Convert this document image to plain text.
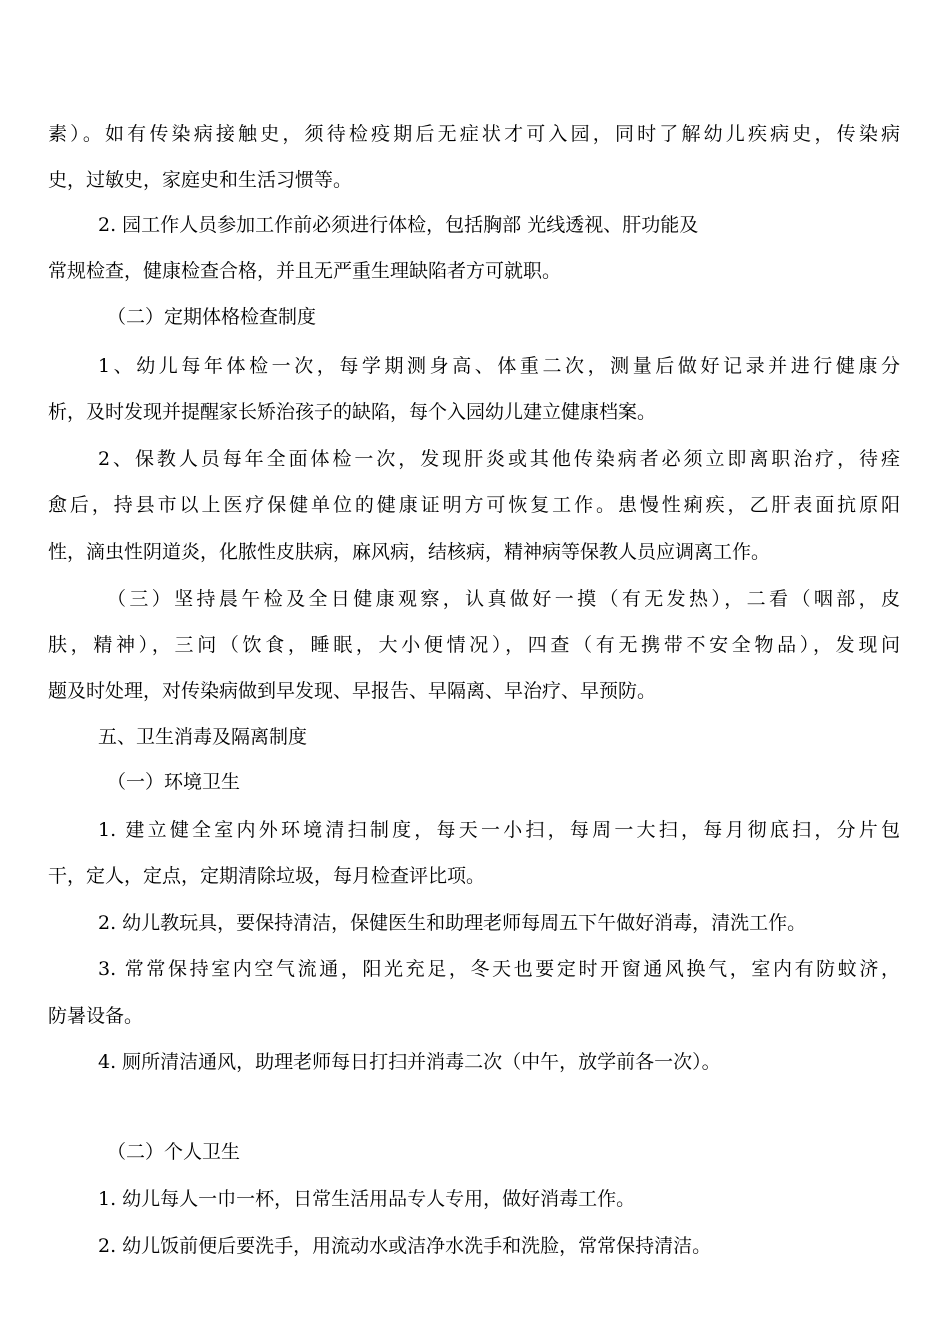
素）。如有传染病接触史，须待检疫期后无症状才可入园，同时了解幼儿疾病史，传染病
史，过敏史，家庭史和生活习惯等。
2. 园工作人员参加工作前必须进行体检，包括胸部 光线透视、肝功能及
常规检查，健康检查合格，并且无严重生理缺陷者方可就职。
（二）定期体格检查制度
1、幼儿每年体检一次，每学期测身高、体重二次，测量后做好记录并进行健康分
析，及时发现并提醒家长矫治孩子的缺陷，每个入园幼儿建立健康档案。
2、保教人员每年全面体检一次，发现肝炎或其他传染病者必须立即离职治疗，待痊
愈后，持县市以上医疗保健单位的健康证明方可恢复工作。患慢性痢疾，乙肝表面抗原阳
性，滴虫性阴道炎，化脓性皮肤病，麻风病，结核病，精神病等保教人员应调离工作。
（三）坚持晨午检及全日健康观察，认真做好一摸（有无发热），二看（咽部，皮
肤，精神），三问（饮食，睡眠，大小便情况），四查（有无携带不安全物品），发现问
题及时处理，对传染病做到早发现、早报告、早隔离、早治疗、早预防。
五、卫生消毒及隔离制度
（一）环境卫生
1. 建立健全室内外环境清扫制度，每天一小扫，每周一大扫，每月彻底扫，分片包
干，定人，定点，定期清除垃圾，每月检查评比项。
2. 幼儿教玩具，要保持清洁，保健医生和助理老师每周五下午做好消毒，清洗工作。
3. 常常保持室内空气流通，阳光充足，冬天也要定时开窗通风换气，室内有防蚊济，
防暑设备。
4. 厕所清洁通风，助理老师每日打扫并消毒二次（中午，放学前各一次）。
（二）个人卫生
1. 幼儿每人一巾一杯，日常生活用品专人专用，做好消毒工作。
2. 幼儿饭前便后要洗手，用流动水或洁净水洗手和洗脸，常常保持清洁。
